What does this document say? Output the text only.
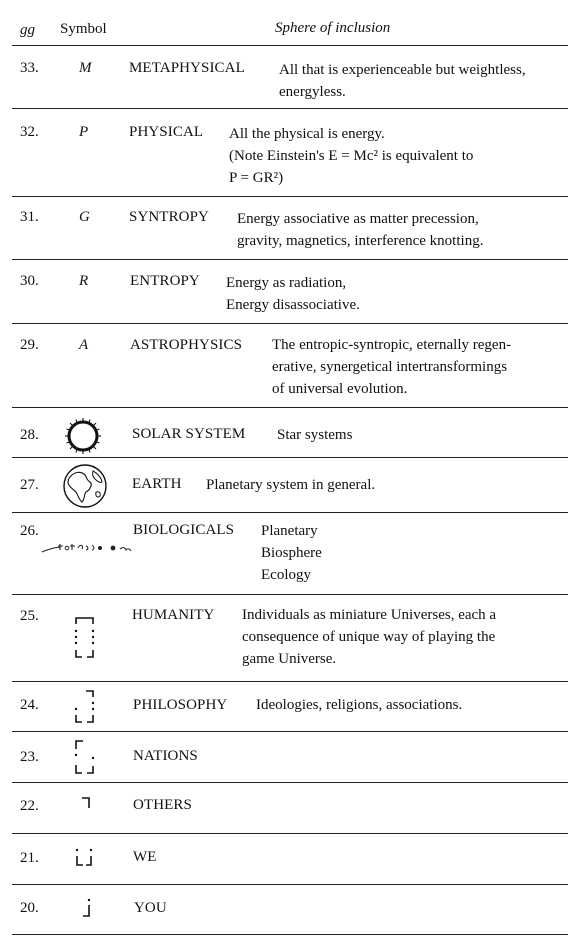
gg Symbol	Sphere of inclusion
33.	M	METAPHYSICAL All that is experienceable but weightless,
energyless.
32.	P	PHYSICAL All the physical is energy.
(Note Einstein's E = Mc² is equivalent to
P = GR²)
31.	G	SYNTROPY Energy associative as matter precession,
gravity, magnetics, interference knotting.
30.	R	ENTROPY Energy as radiation,
Energy disassociative.
29.	A	ASTROPHYSICS The entropic-syntropic, eternally regen-
erative, synergetical intertransformings
of universal evolution.
28.	SOLAR SYSTEM Star systems
27.	EARTH Planetary system in general.
26.	BIOLOGICALS Planetary
Biosphere
Ecology
25.	HUMANITY Individuals as miniature Universes, each a
consequence of unique way of playing the
game Universe.
24.	PHILOSOPHY Ideologies, religions, associations.
23.	NATIONS
22.	OTHERS
21.	WE
20.	YOU
